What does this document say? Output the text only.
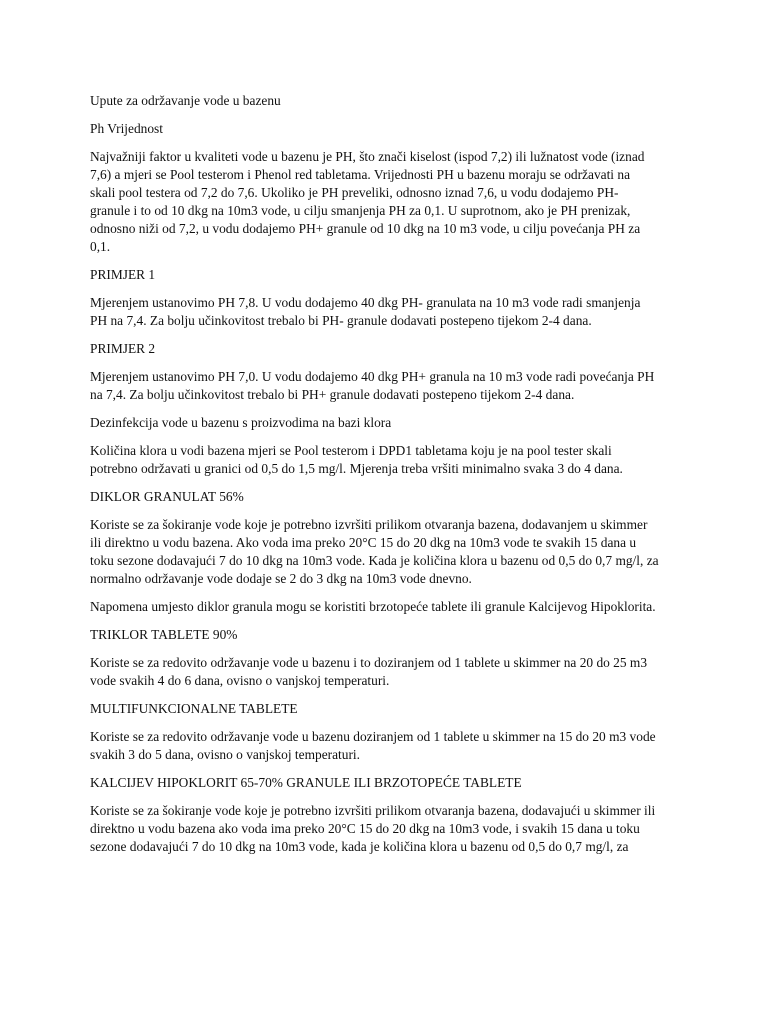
Upute za održavanje vode u bazenu

Ph Vrijednost

Najvažniji faktor u kvaliteti vode u bazenu je PH, što znači kiselost (ispod 7,2) ili lužnatost vode (iznad
7,6) a mjeri se Pool testerom i Phenol red tabletama. Vrijednosti PH u bazenu moraju se održavati na
skali pool testera od 7,2 do 7,6. Ukoliko je PH preveliki, odnosno iznad 7,6, u vodu dodajemo PH-
granule i to od 10 dkg na 10m3 vode, u cilju smanjenja PH za 0,1. U suprotnom, ako je PH prenizak,
odnosno niži od 7,2, u vodu dodajemo PH+ granule od 10 dkg na 10 m3 vode, u cilju povećanja PH za
0,1.

PRIMJER 1

Mjerenjem ustanovimo PH 7,8. U vodu dodajemo 40 dkg PH- granulata na 10 m3 vode radi smanjenja
PH na 7,4. Za bolju učinkovitost trebalo bi PH- granule dodavati postepeno tijekom 2-4 dana.

PRIMJER 2

Mjerenjem ustanovimo PH 7,0. U vodu dodajemo 40 dkg PH+ granula na 10 m3 vode radi povećanja PH
na 7,4. Za bolju učinkovitost trebalo bi PH+ granule dodavati postepeno tijekom 2-4 dana.

Dezinfekcija vode u bazenu s proizvodima na bazi klora

Količina klora u vodi bazena mjeri se Pool testerom i DPD1 tabletama koju je na pool tester skali
potrebno održavati u granici od 0,5 do 1,5 mg/l. Mjerenja treba vršiti minimalno svaka 3 do 4 dana.

DIKLOR GRANULAT 56%

Koriste se za šokiranje vode koje je potrebno izvršiti prilikom otvaranja bazena, dodavanjem u skimmer
ili direktno u vodu bazena. Ako voda ima preko 20°C 15 do 20 dkg na 10m3 vode te svakih 15 dana u
toku sezone dodavajući 7 do 10 dkg na 10m3 vode. Kada je količina klora u bazenu od 0,5 do 0,7 mg/l, za
normalno održavanje vode dodaje se 2 do 3 dkg na 10m3 vode dnevno.

Napomena umjesto diklor granula mogu se koristiti brzotopeće tablete ili granule Kalcijevog Hipoklorita.

TRIKLOR TABLETE 90%

Koriste se za redovito održavanje vode u bazenu i to doziranjem od 1 tablete u skimmer na 20 do 25 m3
vode svakih 4 do 6 dana, ovisno o vanjskoj temperaturi.

MULTIFUNKCIONALNE TABLETE

Koriste se za redovito održavanje vode u bazenu doziranjem od 1 tablete u skimmer na 15 do 20 m3 vode
svakih 3 do 5 dana, ovisno o vanjskoj temperaturi.

KALCIJEV HIPOKLORIT 65-70% GRANULE ILI BRZOTOPEĆE TABLETE

Koriste se za šokiranje vode koje je potrebno izvršiti prilikom otvaranja bazena, dodavajući u skimmer ili
direktno u vodu bazena ako voda ima preko 20°C 15 do 20 dkg na 10m3 vode, i svakih 15 dana u toku
sezone dodavajući 7 do 10 dkg na 10m3 vode, kada je količina klora u bazenu od 0,5 do 0,7 mg/l, za
